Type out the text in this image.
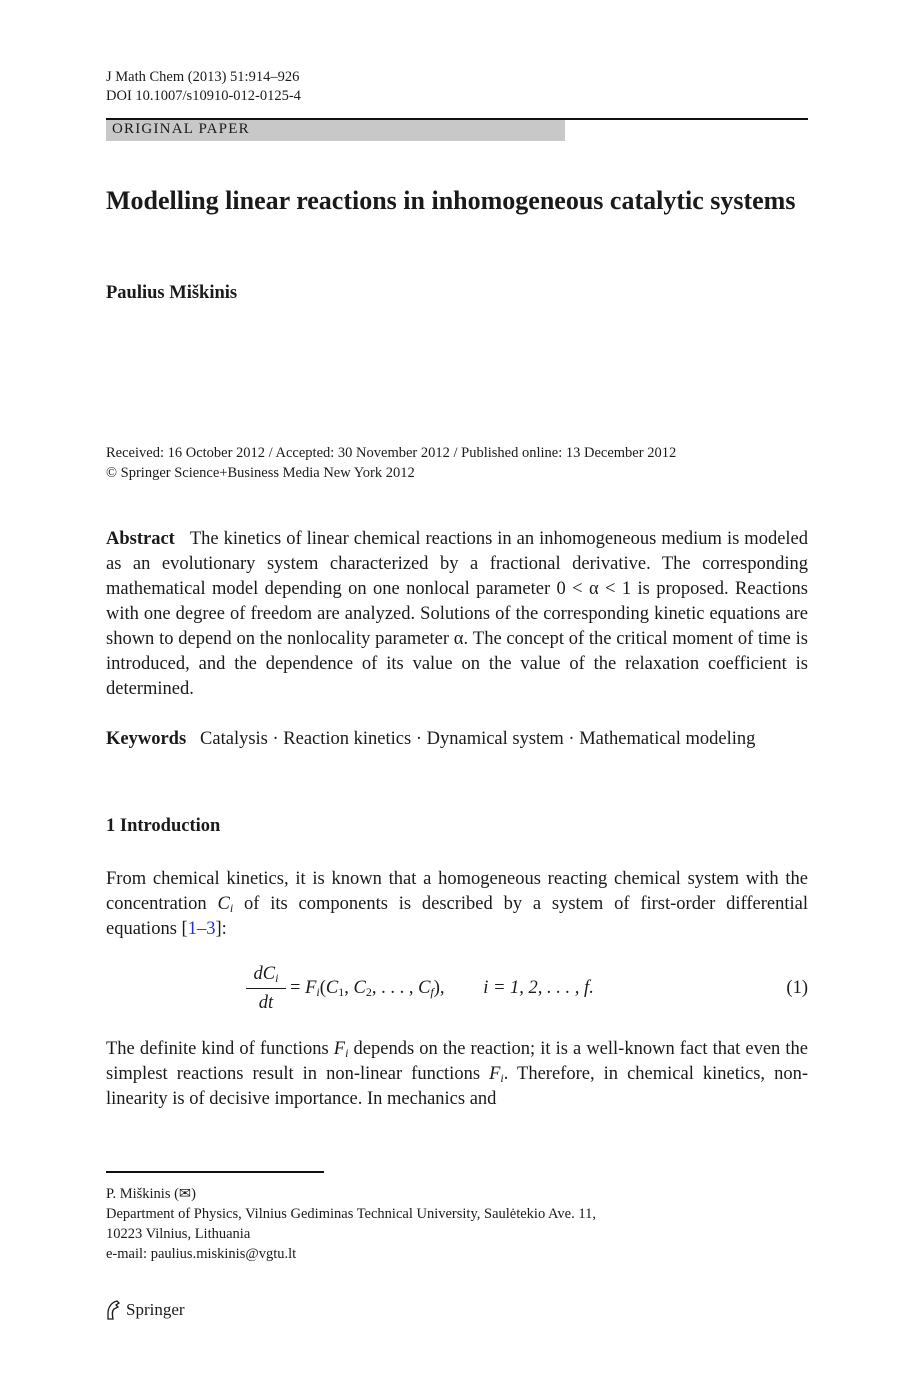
J Math Chem (2013) 51:914–926
DOI 10.1007/s10910-012-0125-4
ORIGINAL PAPER
Modelling linear reactions in inhomogeneous catalytic systems
Paulius Miškinis
Received: 16 October 2012 / Accepted: 30 November 2012 / Published online: 13 December 2012
© Springer Science+Business Media New York 2012
Abstract The kinetics of linear chemical reactions in an inhomogeneous medium is modeled as an evolutionary system characterized by a fractional derivative. The corresponding mathematical model depending on one nonlocal parameter 0 < α < 1 is proposed. Reactions with one degree of freedom are analyzed. Solutions of the corresponding kinetic equations are shown to depend on the nonlocality parameter α. The concept of the critical moment of time is introduced, and the dependence of its value on the value of the relaxation coefficient is determined.
Keywords Catalysis · Reaction kinetics · Dynamical system · Mathematical modeling
1 Introduction
From chemical kinetics, it is known that a homogeneous reacting chemical system with the concentration $C_i$ of its components is described by a system of first-order differential equations [1–3]:
$dC_i$
dt
= $F_i(C_1$, $C_2$, . . . , $C_f$), i = 1, 2, . . . , f.	(1)
The definite kind of functions $F_i$ depends on the reaction; it is a well-known fact that even the simplest reactions result in non-linear functions $F_i$. Therefore, in chemical kinetics, non-linearity is of decisive importance. In mechanics and
P. Miškinis (✉)
Department of Physics, Vilnius Gediminas Technical University, Saulėtekio Ave. 11,
10223 Vilnius, Lithuania
e-mail: paulius.miskinis@vgtu.lt
Springer
